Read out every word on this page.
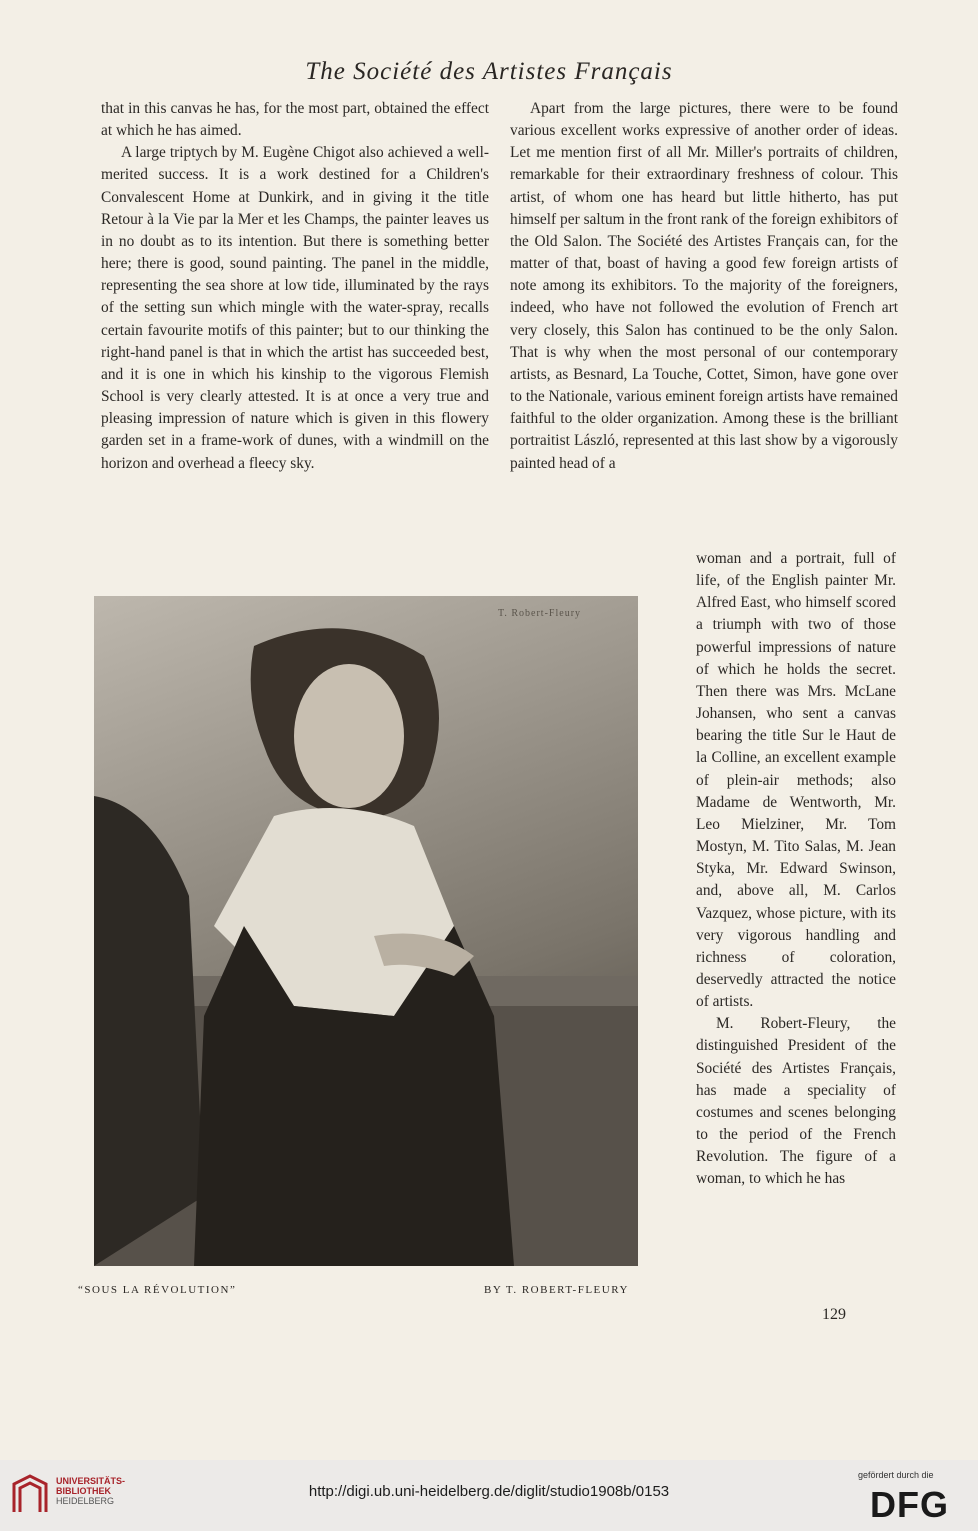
The Société des Artistes Français

that in this canvas he has, for the most part, obtained the effect at which he has aimed.

A large triptych by M. Eugène Chigot also achieved a well-merited success. It is a work destined for a Children's Convalescent Home at Dunkirk, and in giving it the title Retour à la Vie par la Mer et les Champs, the painter leaves us in no doubt as to its intention. But there is something better here; there is good, sound painting. The panel in the middle, representing the sea shore at low tide, illuminated by the rays of the setting sun which mingle with the water-spray, recalls certain favourite motifs of this painter; but to our thinking the right-hand panel is that in which the artist has succeeded best, and it is one in which his kinship to the vigorous Flemish School is very clearly attested. It is at once a very true and pleasing impression of nature which is given in this flowery garden set in a frame-work of dunes, with a windmill on the horizon and overhead a fleecy sky.

Apart from the large pictures, there were to be found various excellent works expressive of another order of ideas. Let me mention first of all Mr. Miller's portraits of children, remarkable for their extraordinary freshness of colour. This artist, of whom one has heard but little hitherto, has put himself per saltum in the front rank of the foreign exhibitors of the Old Salon. The Société des Artistes Français can, for the matter of that, boast of having a good few foreign artists of note among its exhibitors. To the majority of the foreigners, indeed, who have not followed the evolution of French art very closely, this Salon has continued to be the only Salon. That is why when the most personal of our contemporary artists, as Besnard, La Touche, Cottet, Simon, have gone over to the Nationale, various eminent foreign artists have remained faithful to the older organization. Among these is the brilliant portraitist László, represented at this last show by a vigorously painted head of a

woman and a portrait, full of life, of the English painter Mr. Alfred East, who himself scored a triumph with two of those powerful impressions of nature of which he holds the secret. Then there was Mrs. McLane Johansen, who sent a canvas bearing the title Sur le Haut de la Colline, an excellent example of plein-air methods; also Madame de Wentworth, Mr. Leo Mielziner, Mr. Tom Mostyn, M. Tito Salas, M. Jean Styka, Mr. Edward Swinson, and, above all, M. Carlos Vazquez, whose picture, with its very vigorous handling and richness of coloration, deservedly attracted the notice of artists.

M. Robert-Fleury, the distinguished President of the Société des Artistes Français, has made a speciality of costumes and scenes belonging to the period of the French Revolution. The figure of a woman, to which he has

T. Robert-Fleury
“SOUS LA RÉVOLUTION”	BY T. ROBERT-FLEURY
129
UNIVERSITÄTS-
BIBLIOTHEK
HEIDELBERG
http://digi.ub.uni-heidelberg.de/diglit/studio1908b/0153
gefördert durch die
DFG
